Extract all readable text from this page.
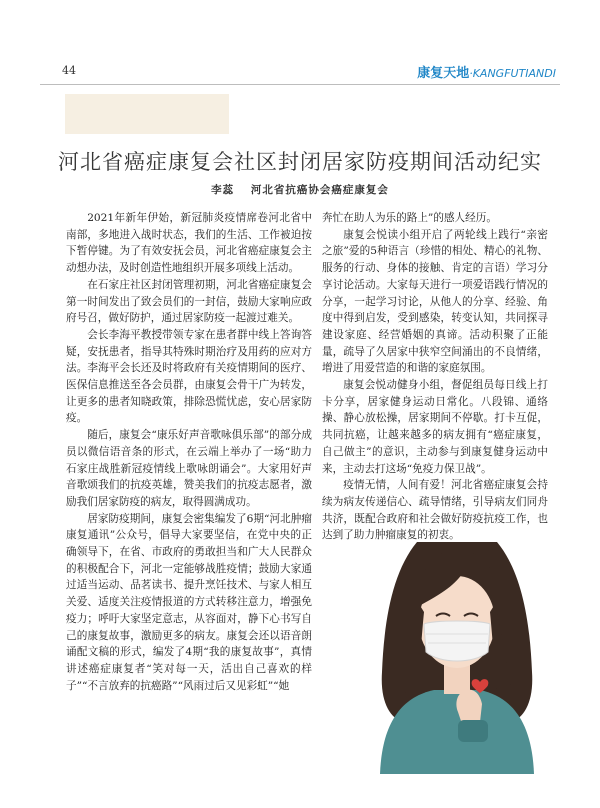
44	康复天地·KANGFUTIANDI
河北省癌症康复会社区封闭居家防疫期间活动纪实
李蕊 河北省抗癌协会癌症康复会

2021年新年伊始，新冠肺炎疫情席卷河北省中南部，多地进入战时状态，我们的生活、工作被迫按下暂停键。为了有效安抚会员，河北省癌症康复会主动想办法，及时创造性地组织开展多项线上活动。

在石家庄社区封闭管理初期，河北省癌症康复会第一时间发出了致会员们的一封信，鼓励大家响应政府号召，做好防护，通过居家防疫一起渡过难关。

会长李海平教授带领专家在患者群中线上答询答疑，安抚患者，指导其特殊时期治疗及用药的应对方法。李海平会长还及时将政府有关疫情期间的医疗、医保信息推送至各会员群，由康复会骨干广为转发，让更多的患者知晓政策，排除恐慌忧虑，安心居家防疫。

随后，康复会“康乐好声音歌咏俱乐部”的部分成员以微信语音条的形式，在云端上举办了一场“助力石家庄战胜新冠疫情线上歌咏朗诵会”。大家用好声音歌颂我们的抗疫英雄，赞美我们的抗疫志愿者，激励我们居家防疫的病友，取得圆满成功。

居家防疫期间，康复会密集编发了6期“河北肿瘤康复通讯”公众号，倡导大家要坚信，在党中央的正确领导下，在省、市政府的勇敢担当和广大人民群众的积极配合下，河北一定能够战胜疫情；鼓励大家通过适当运动、品茗读书、提升烹饪技术、与家人相互关爱、适度关注疫情报道的方式转移注意力，增强免疫力；呼吁大家坚定意志，从容面对，静下心书写自己的康复故事，激励更多的病友。康复会还以语音朗诵配文稿的形式，编发了4期“我的康复故事”，真情讲述癌症康复者“笑对每一天，活出自己喜欢的样子”“不言放弃的抗癌路”“风雨过后又见彩虹”“她

奔忙在助人为乐的路上”的感人经历。

康复会悦读小组开启了两轮线上践行“亲密之旅”爱的5种语言（珍惜的相处、精心的礼物、服务的行动、身体的接触、肯定的言语）学习分享讨论活动。大家每天进行一项爱语践行情况的分享，一起学习讨论，从他人的分享、经验、角度中得到启发，受到感染，转变认知，共同探寻建设家庭、经营婚姻的真谛。活动积聚了正能量，疏导了久居家中狭窄空间涌出的不良情绪，增进了用爱营造的和谐的家庭氛围。

康复会悦动健身小组，督促组员每日线上打卡分享，居家健身运动日常化。八段锦、通络操、静心放松操，居家期间不停歇。打卡互促，共同抗癌，让越来越多的病友拥有“癌症康复，自己做主”的意识，主动参与到康复健身运动中来，主动去打这场“免疫力保卫战”。

疫情无情，人间有爱！河北省癌症康复会持续为病友传递信心、疏导情绪，引导病友们同舟共济，既配合政府和社会做好防疫抗疫工作，也达到了助力肿瘤康复的初衷。
